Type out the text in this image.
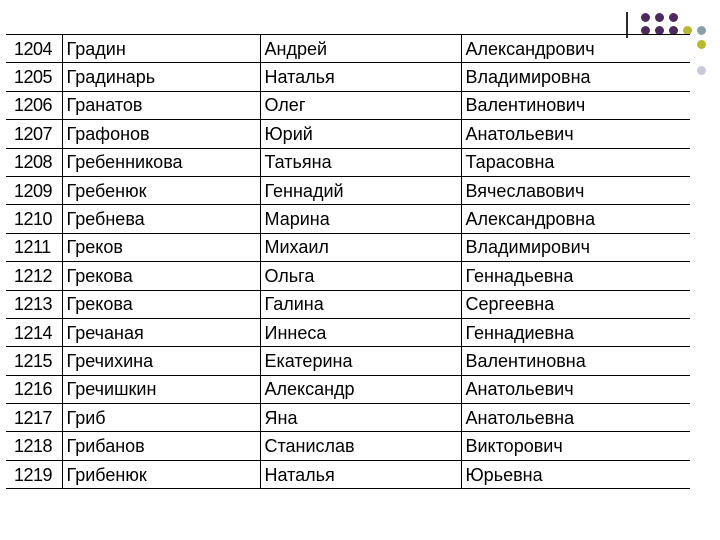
1204	Градин	Андрей	Александрович
1205	Градинарь	Наталья	Владимировна
1206	Гранатов	Олег	Валентинович
1207	Графонов	Юрий	Анатольевич
1208	Гребенникова	Татьяна	Тарасовна
1209	Гребенюк	Геннадий	Вячеславович
1210	Гребнева	Марина	Александровна
1211	Греков	Михаил	Владимирович
1212	Грекова	Ольга	Геннадьевна
1213	Грекова	Галина	Сергеевна
1214	Гречаная	Иннеса	Геннадиевна
1215	Гречихина	Екатерина	Валентиновна
1216	Гречишкин	Александр	Анатольевич
1217	Гриб	Яна	Анатольевна
1218	Грибанов	Станислав	Викторович
1219	Грибенюк	Наталья	Юрьевна
